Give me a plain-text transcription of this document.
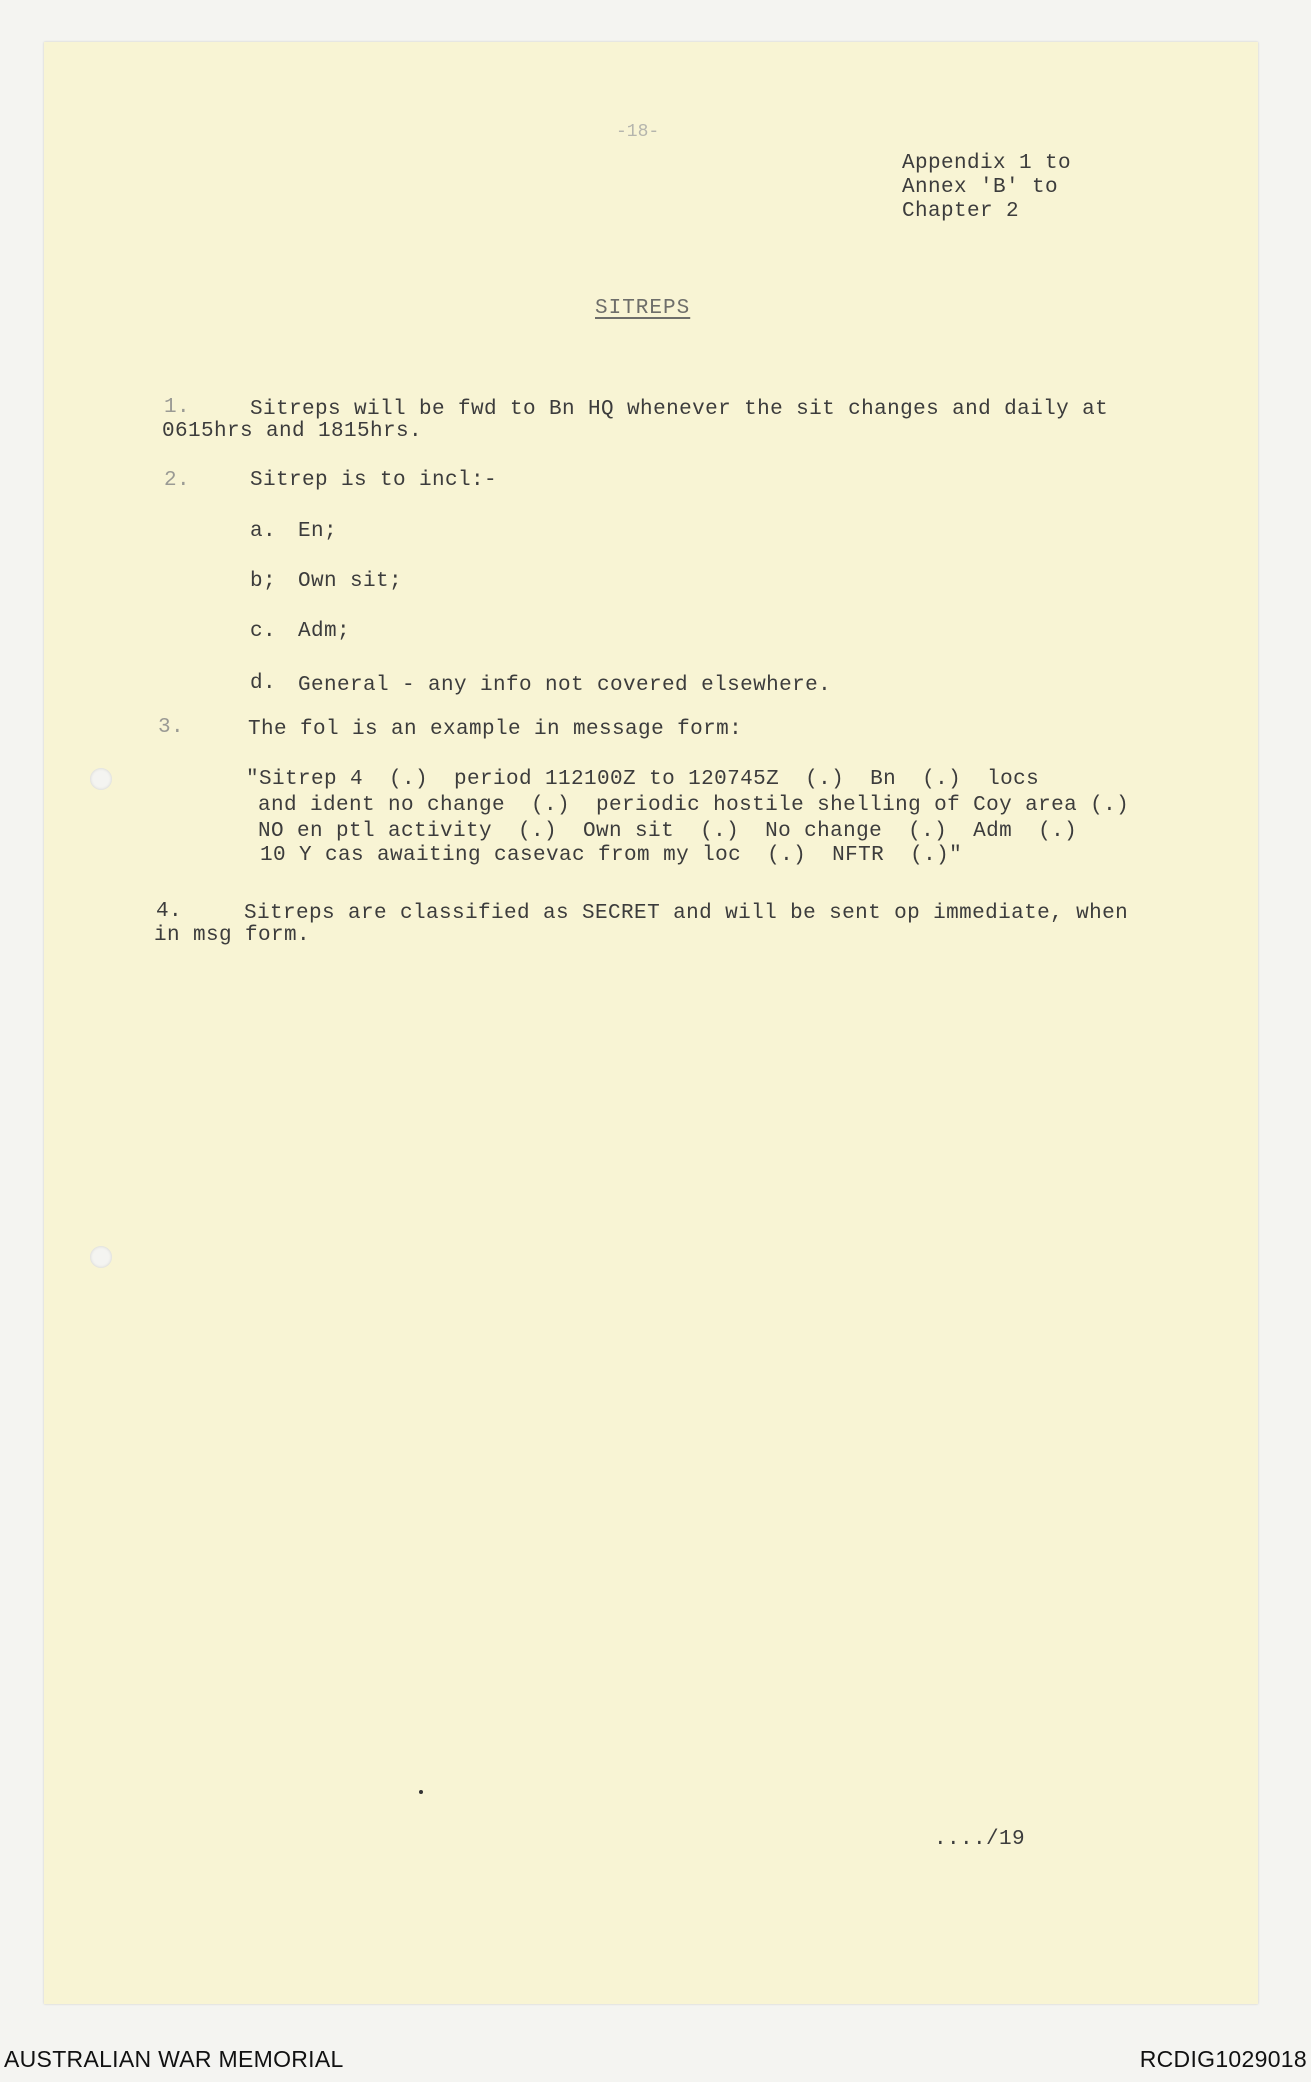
-18-
Appendix 1 to
Annex 'B' to
Chapter 2
SITREPS
1.	Sitreps will be fwd to Bn HQ whenever the sit changes and daily at
0615hrs and 1815hrs.
2.	Sitrep is to incl:-
a. En;
b; Own sit;
c. Adm;
d. General - any info not covered elsewhere.
3.	The fol is an example in message form:
"Sitrep 4  (.)  period 112100Z to 120745Z  (.)  Bn  (.)  locs
and ident no change  (.)  periodic hostile shelling of Coy area (.)
NO en ptl activity  (.)  Own sit  (.)  No change  (.)  Adm  (.)
10 Y cas awaiting casevac from my loc  (.)  NFTR  (.)"
4.	Sitreps are classified as SECRET and will be sent op immediate, when
in msg form.
..../19
AUSTRALIAN WAR MEMORIAL	RCDIG1029018
